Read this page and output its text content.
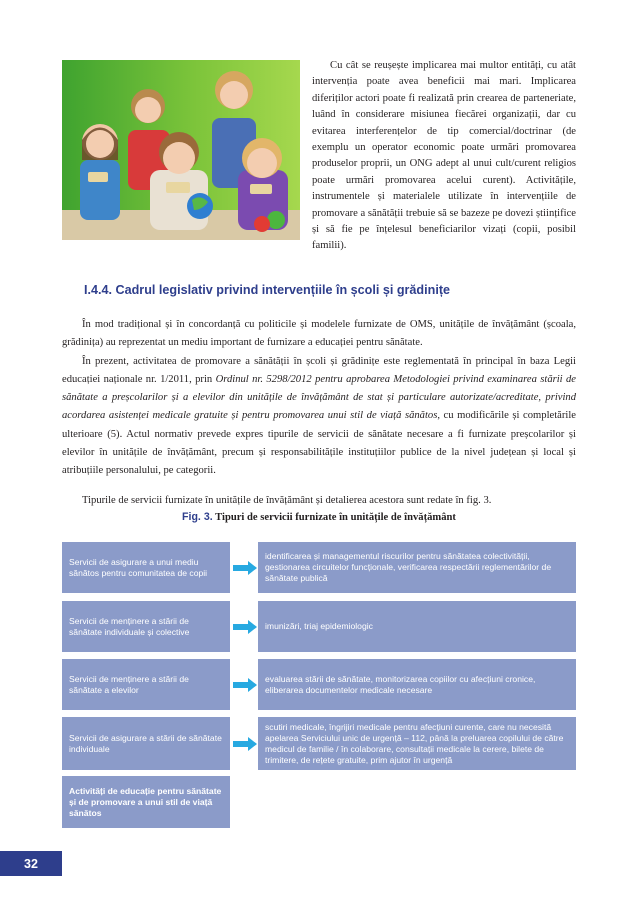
Cu cât se reușește implicarea mai multor entități, cu atât intervenția poate avea beneficii mai mari. Implicarea diferiților actori poate fi realizată prin crearea de parteneriate, luând în considerare misiunea fiecărei organizații, dar cu evitarea interferențelor de tip comercial/doctrinar (de exemplu un operator economic poate urmări promovarea produselor proprii, un ONG adept al unui cult/curent religios poate urmări promovarea acelui curent). Activitățile, instrumentele și materialele utilizate în intervențiile de promovare a sănătății trebuie să se bazeze pe dovezi științifice și să fie pe înțelesul beneficiarilor vizați (copii, posibil familii).

I.4.4. Cadrul legislativ privind intervențiile în școli și grădinițe

În mod tradițional și în concordanță cu politicile și modelele furnizate de OMS, unitățile de învățământ (școala, grădinița) au reprezentat un mediu important de furnizare a educației pentru sănătate.

În prezent, activitatea de promovare a sănătății în școli și grădinițe este reglementată în principal în baza Legii educației naționale nr. 1/2011, prin Ordinul nr. 5298/2012 pentru aprobarea Metodologiei privind examinarea stării de sănătate a preșcolarilor și a elevilor din unitățile de învățământ de stat și particulare autorizate/acreditate, privind acordarea asistenței medicale gratuite și pentru promovarea unui stil de viață sănătos, cu modificările și completările ulterioare (5). Actul normativ prevede expres tipurile de servicii de sănătate necesare a fi furnizate preșcolarilor și elevilor în unitățile de învățământ, precum și responsabilitățile instituțiilor publice de la nivel județean și local și atribuțiile personalului, pe categorii.

Tipurile de servicii furnizate în unitățile de învățământ și detalierea acestora sunt redate în fig. 3.

Fig. 3. Tipuri de servicii furnizate în unitățile de învățământ
Servicii de asigurare a unui mediu sănătos pentru comunitatea de copii
identificarea și managementul riscurilor pentru sănătatea colectivității, gestionarea circuitelor funcționale, verificarea respectării reglementărilor de sănătate publică
Servicii de menținere a stării de sănătate individuale și colective
imunizări, triaj epidemiologic
Servicii de menținere a stării de sănătate a elevilor
evaluarea stării de sănătate, monitorizarea copiilor cu afecțiuni cronice, eliberarea documentelor medicale necesare
Servicii de asigurare a stării de sănătate individuale
scutiri medicale, îngrijiri medicale pentru afecțiuni curente, care nu necesită apelarea Serviciului unic de urgență – 112, până la preluarea copilului de către medicul de familie / în colaborare, consultații medicale la cerere, bilete de trimitere, de rețete gratuite, prim ajutor în urgență
Activități de educație pentru sănătate și de promovare a unui stil de viață sănătos
32
